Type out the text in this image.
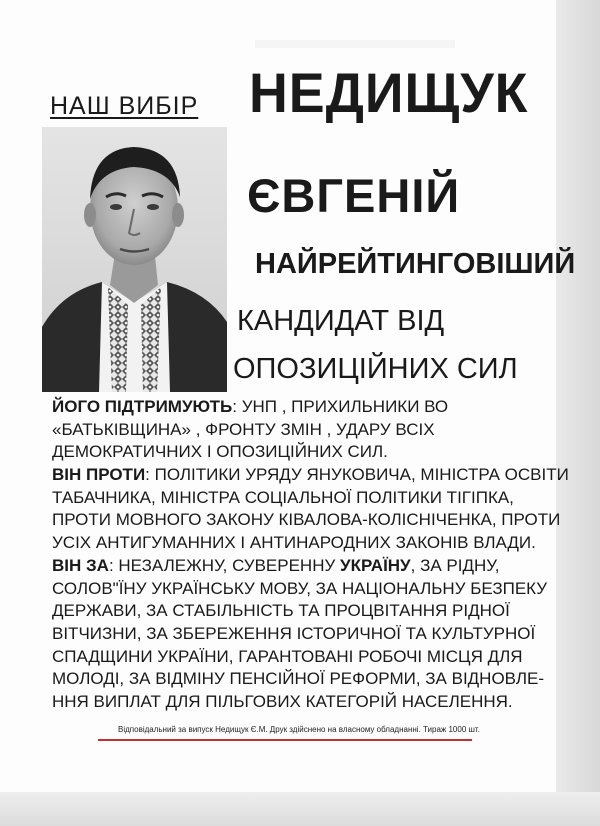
НАШ ВИБІР НЕДИЩУК
ЄВГЕНІЙ
НАЙРЕЙТИНГОВІШИЙ
КАНДИДАТ ВІД
ОПОЗИЦІЙНИХ СИЛ
ЙОГО ПІДТРИМУЮТЬ: УНП , ПРИХИЛЬНИКИ ВО
«БАТЬКІВЩИНА» , ФРОНТУ ЗМІН , УДАРУ ВСІХ
ДЕМОКРАТИЧНИХ І ОПОЗИЦІЙНИХ СИЛ.
ВІН ПРОТИ: ПОЛІТИКИ УРЯДУ ЯНУКОВИЧА, МІНІСТРА ОСВІТИ
ТАБАЧНИКА, МІНІСТРА СОЦІАЛЬНОЇ ПОЛІТИКИ ТІГІПКА,
ПРОТИ МОВНОГО ЗАКОНУ КІВАЛОВА-КОЛІСНІЧЕНКА, ПРОТИ
УСІХ АНТИГУМАННИХ І АНТИНАРОДНИХ ЗАКОНІВ ВЛАДИ.
ВІН ЗА: НЕЗАЛЕЖНУ, СУВЕРЕННУ УКРАЇНУ, ЗА РІДНУ,
СОЛОВ"ЇНУ УКРАЇНСЬКУ МОВУ, ЗА НАЦІОНАЛЬНУ БЕЗПЕКУ
ДЕРЖАВИ, ЗА СТАБІЛЬНІСТЬ ТА ПРОЦВІТАННЯ РІДНОЇ
ВІТЧИЗНИ, ЗА ЗБЕРЕЖЕННЯ ІСТОРИЧНОЇ ТА КУЛЬТУРНОЇ
СПАДЩИНИ УКРАЇНИ, ГАРАНТОВАНІ РОБОЧІ МІСЦЯ ДЛЯ
МОЛОДІ, ЗА ВІДМІНУ ПЕНСІЙНОЇ РЕФОРМИ, ЗА ВІДНОВЛЕ-
ННЯ ВИПЛАТ ДЛЯ ПІЛЬГОВИХ КАТЕГОРІЙ НАСЕЛЕННЯ.
Відповідальний за випуск Недищук Є.М. Друк здійснено на власному обладнанні. Тираж 1000 шт.
